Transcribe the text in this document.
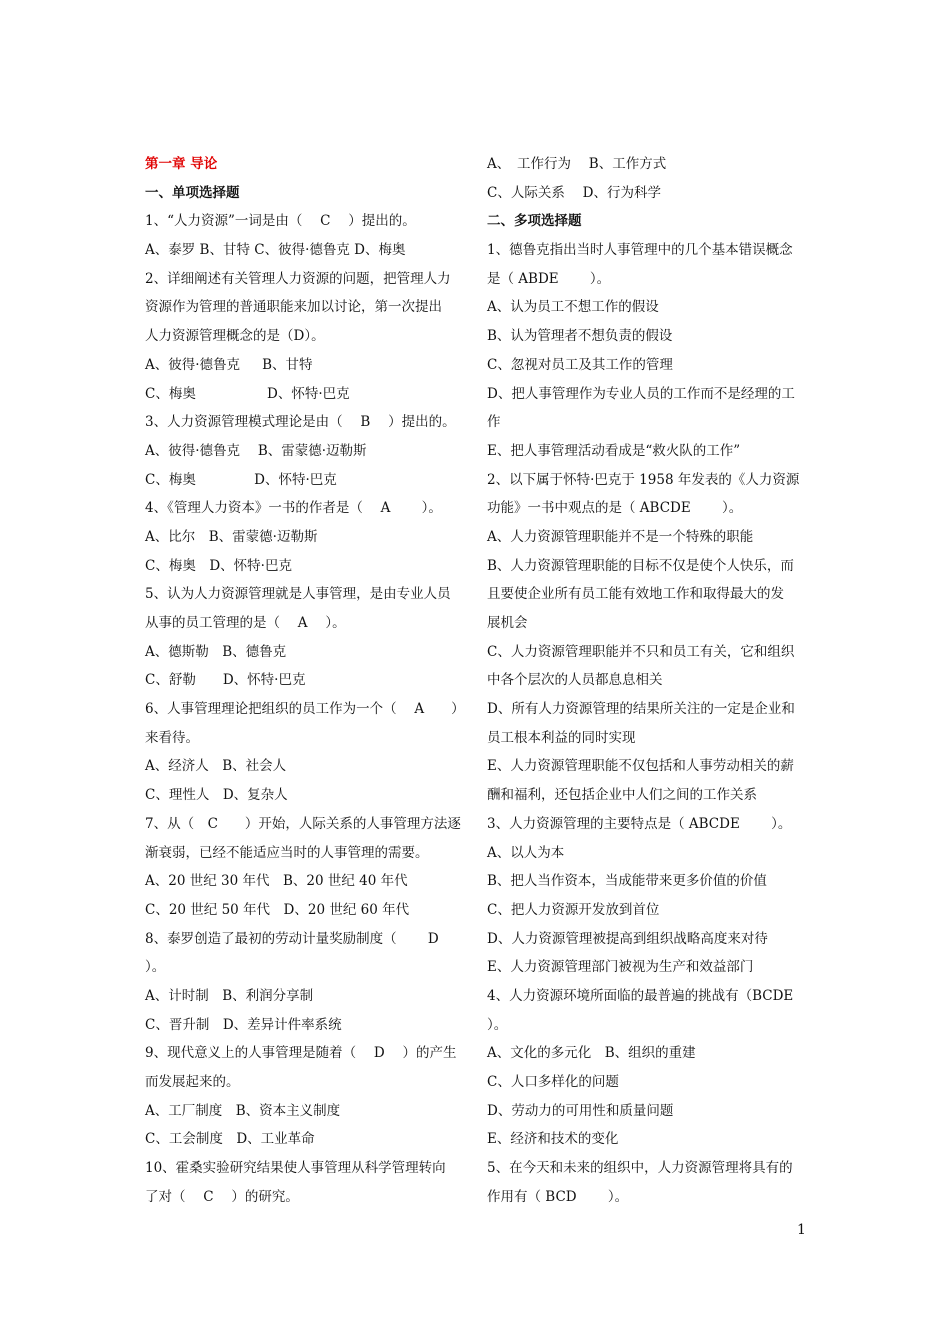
第一章 导论
一、单项选择题
1、“人力资源”一词是由（　 C　 ）提出的。
A、泰罗 B、甘特 C、彼得·德鲁克 D、梅奥
2、详细阐述有关管理人力资源的问题，把管理人力
资源作为管理的普通职能来加以讨论，第一次提出
人力资源管理概念的是（D）。
A、彼得·德鲁克　  B、甘特
C、梅奥　　　　    D、怀特·巴克
3、人力资源管理模式理论是由（　 B　 ）提出的。
A、彼得·德鲁克　 B、雷蒙德·迈勒斯
C、梅奥　　　　 D、怀特·巴克
4、《管理人力资本》一书的作者是（　 A　　 ）。
A、比尔　B、雷蒙德·迈勒斯
C、梅奥　D、怀特·巴克
5、认为人力资源管理就是人事管理，是由专业人员
从事的员工管理的是（　 A　 ）。
A、德斯勒　B、德鲁克
C、舒勒　　D、怀特·巴克
6、人事管理理论把组织的员工作为一个（　 A　　）
来看待。
A、经济人　B、社会人
C、理性人　D、复杂人
7、从（　C　　）开始，人际关系的人事管理方法逐
渐衰弱，已经不能适应当时的人事管理的需要。
A、20 世纪 30 年代　B、20 世纪 40 年代
C、20 世纪 50 年代　D、20 世纪 60 年代
8、泰罗创造了最初的劳动计量奖励制度（　　 D
）。
A、计时制　B、利润分享制
C、晋升制　D、差异计件率系统
9、现代意义上的人事管理是随着（　 D　 ）的产生
而发展起来的。
A、工厂制度　B、资本主义制度
C、工会制度　D、工业革命
10、霍桑实验研究结果使人事管理从科学管理转向
了对（　 C　 ）的研究。
A、　工作行为　 B、工作方式
C、人际关系　 D、行为科学
二、多项选择题
1、德鲁克指出当时人事管理中的几个基本错误概念
是（ ABDE　　 ）。
A、认为员工不想工作的假设
B、认为管理者不想负责的假设
C、忽视对员工及其工作的管理
D、把人事管理作为专业人员的工作而不是经理的工
作
E、把人事管理活动看成是“救火队的工作”
2、以下属于怀特·巴克于 1958 年发表的《人力资源
功能》一书中观点的是（ ABCDE　　 ）。
A、人力资源管理职能并不是一个特殊的职能
B、人力资源管理职能的目标不仅是使个人快乐，而
且要使企业所有员工能有效地工作和取得最大的发
展机会
C、人力资源管理职能并不只和员工有关，它和组织
中各个层次的人员都息息相关
D、所有人力资源管理的结果所关注的一定是企业和
员工根本利益的同时实现
E、人力资源管理职能不仅包括和人事劳动相关的薪
酬和福利，还包括企业中人们之间的工作关系
3、人力资源管理的主要特点是（ ABCDE　　 ）。
A、以人为本
B、把人当作资本，当成能带来更多价值的价值
C、把人力资源开发放到首位
D、人力资源管理被提高到组织战略高度来对待
E、人力资源管理部门被视为生产和效益部门
4、人力资源环境所面临的最普遍的挑战有（BCDE
）。
A、文化的多元化　B、组织的重建
C、人口多样化的问题
D、劳动力的可用性和质量问题
E、经济和技术的变化
5、在今天和未来的组织中，人力资源管理将具有的
作用有（ BCD　　 ）。
1
